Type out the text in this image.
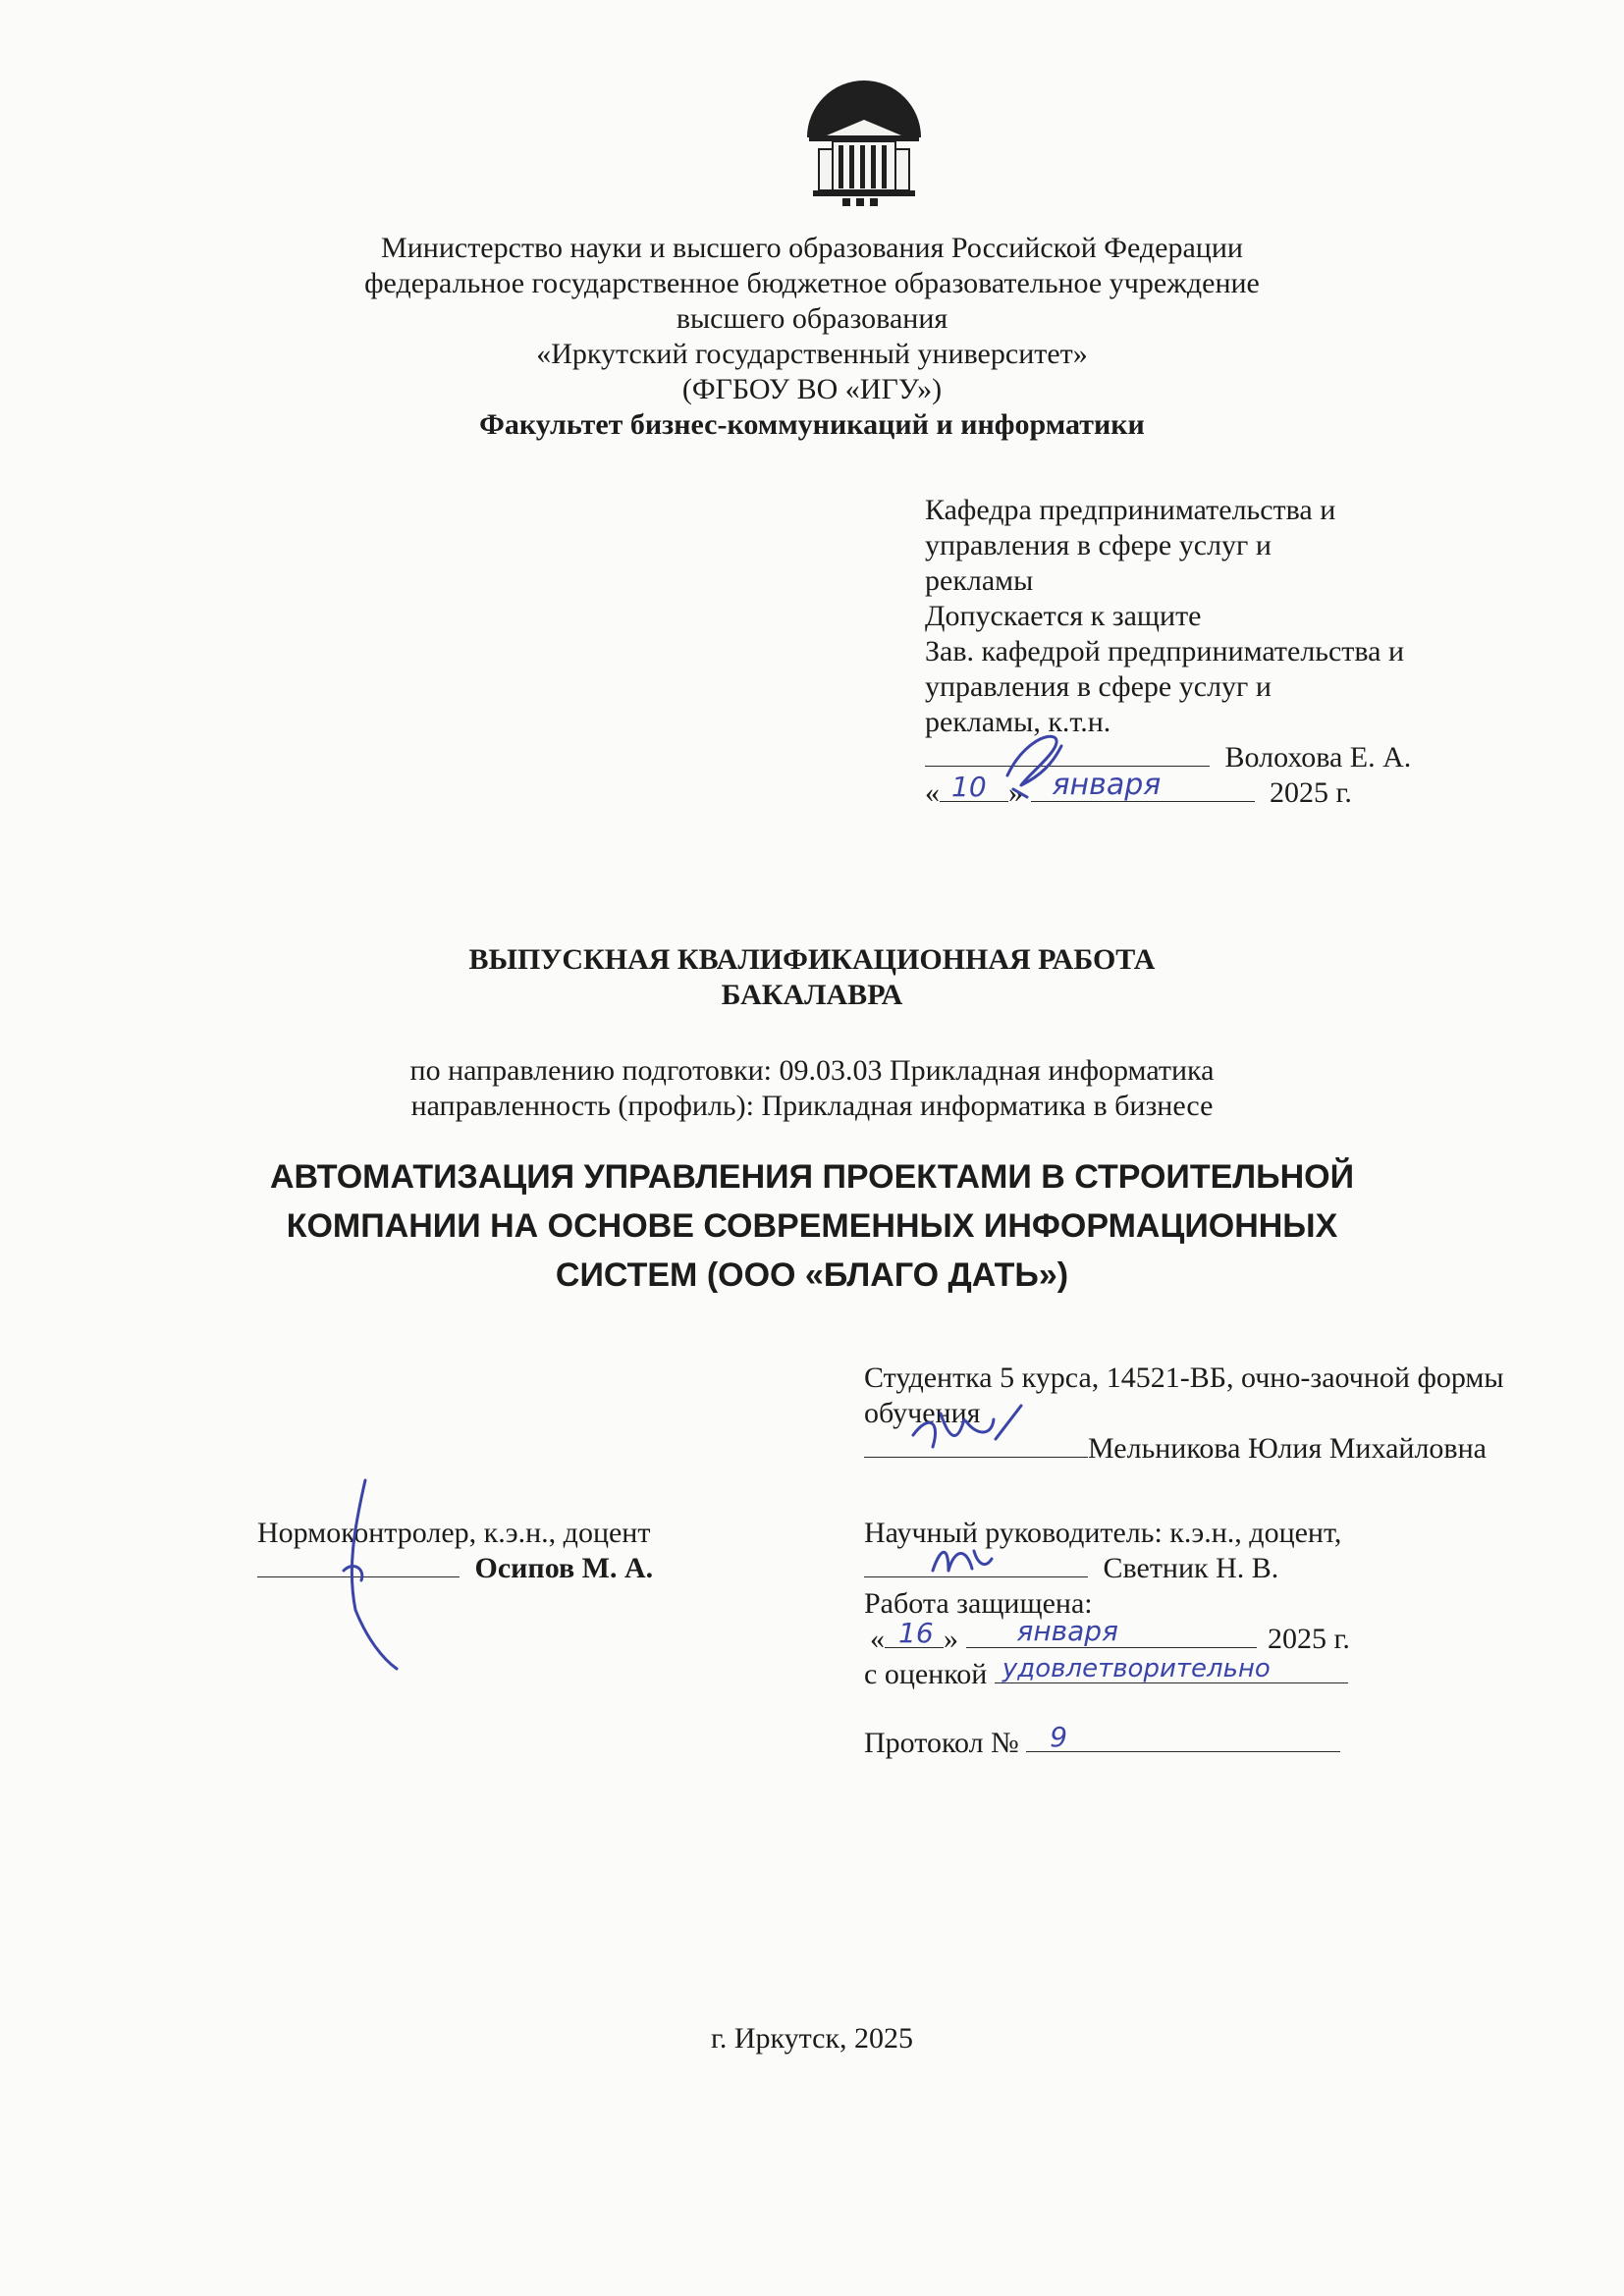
Министерство науки и высшего образования Российской Федерации
федеральное государственное бюджетное образовательное учреждение
высшего образования
«Иркутский государственный университет»
(ФГБОУ ВО «ИГУ»)
Факультет бизнес-коммуникаций и информатики
Кафедра предпринимательства и
управления в сфере услуг и
рекламы
Допускается к защите
Зав. кафедрой предпринимательства и
управления в сфере услуг и
рекламы, к.т.н.
Волохова Е. А.
« 10 » января	2025 г.
ВЫПУСКНАЯ КВАЛИФИКАЦИОННАЯ РАБОТА
БАКАЛАВРА
по направлению подготовки: 09.03.03 Прикладная информатика
направленность (профиль): Прикладная информатика в бизнесе
АВТОМАТИЗАЦИЯ УПРАВЛЕНИЯ ПРОЕКТАМИ В СТРОИТЕЛЬНОЙ
КОМПАНИИ НА ОСНОВЕ СОВРЕМЕННЫХ ИНФОРМАЦИОННЫХ
СИСТЕМ (ООО «БЛАГО ДАТЬ»)
Студентка 5 курса, 14521-ВБ, очно-заочной формы
обучения
Мельникова Юлия Михайловна
Нормоконтролер, к.э.н., доцент
Осипов М. А.
Научный руководитель: к.э.н., доцент,
Светник Н. В.
Работа защищена:
« 16 » января	2025 г.
с оценкой удовлетворительно
Протокол № 9
г. Иркутск, 2025
